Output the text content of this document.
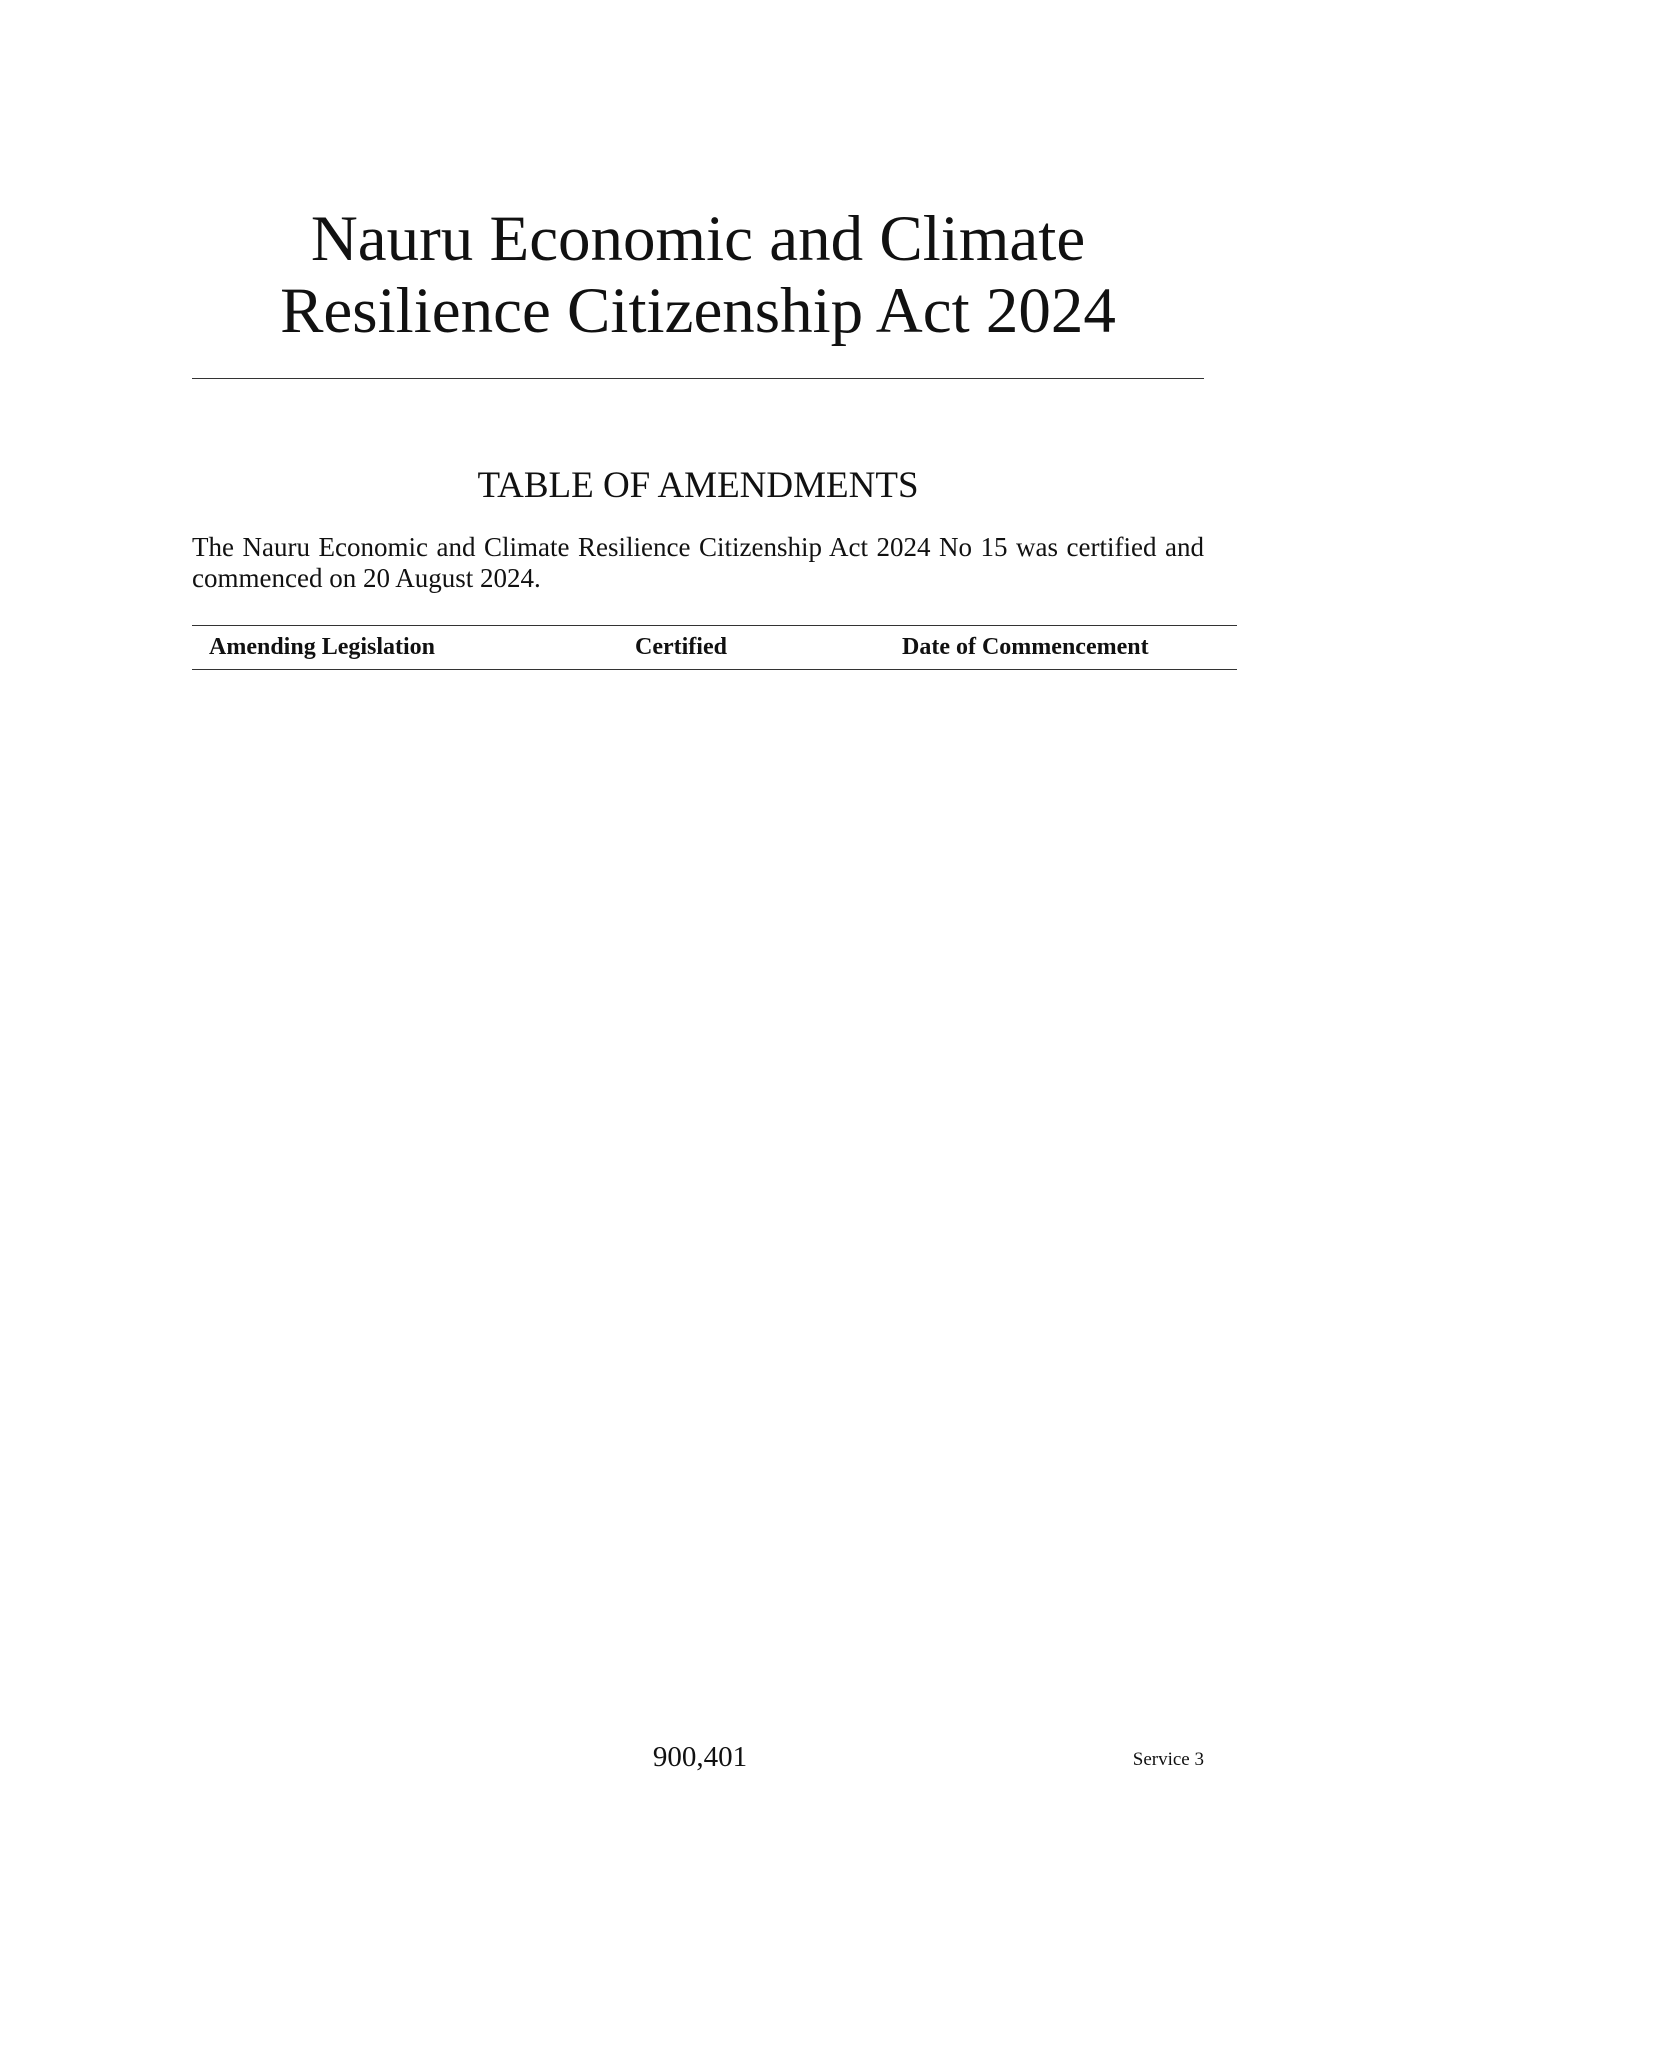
Nauru Economic and Climate
Resilience Citizenship Act 2024
TABLE OF AMENDMENTS

The Nauru Economic and Climate Resilience Citizenship Act 2024 No 15 was certified and commenced on 20 August 2024.

Amending Legislation	Certified	Date of Commencement
900,401	Service 3
